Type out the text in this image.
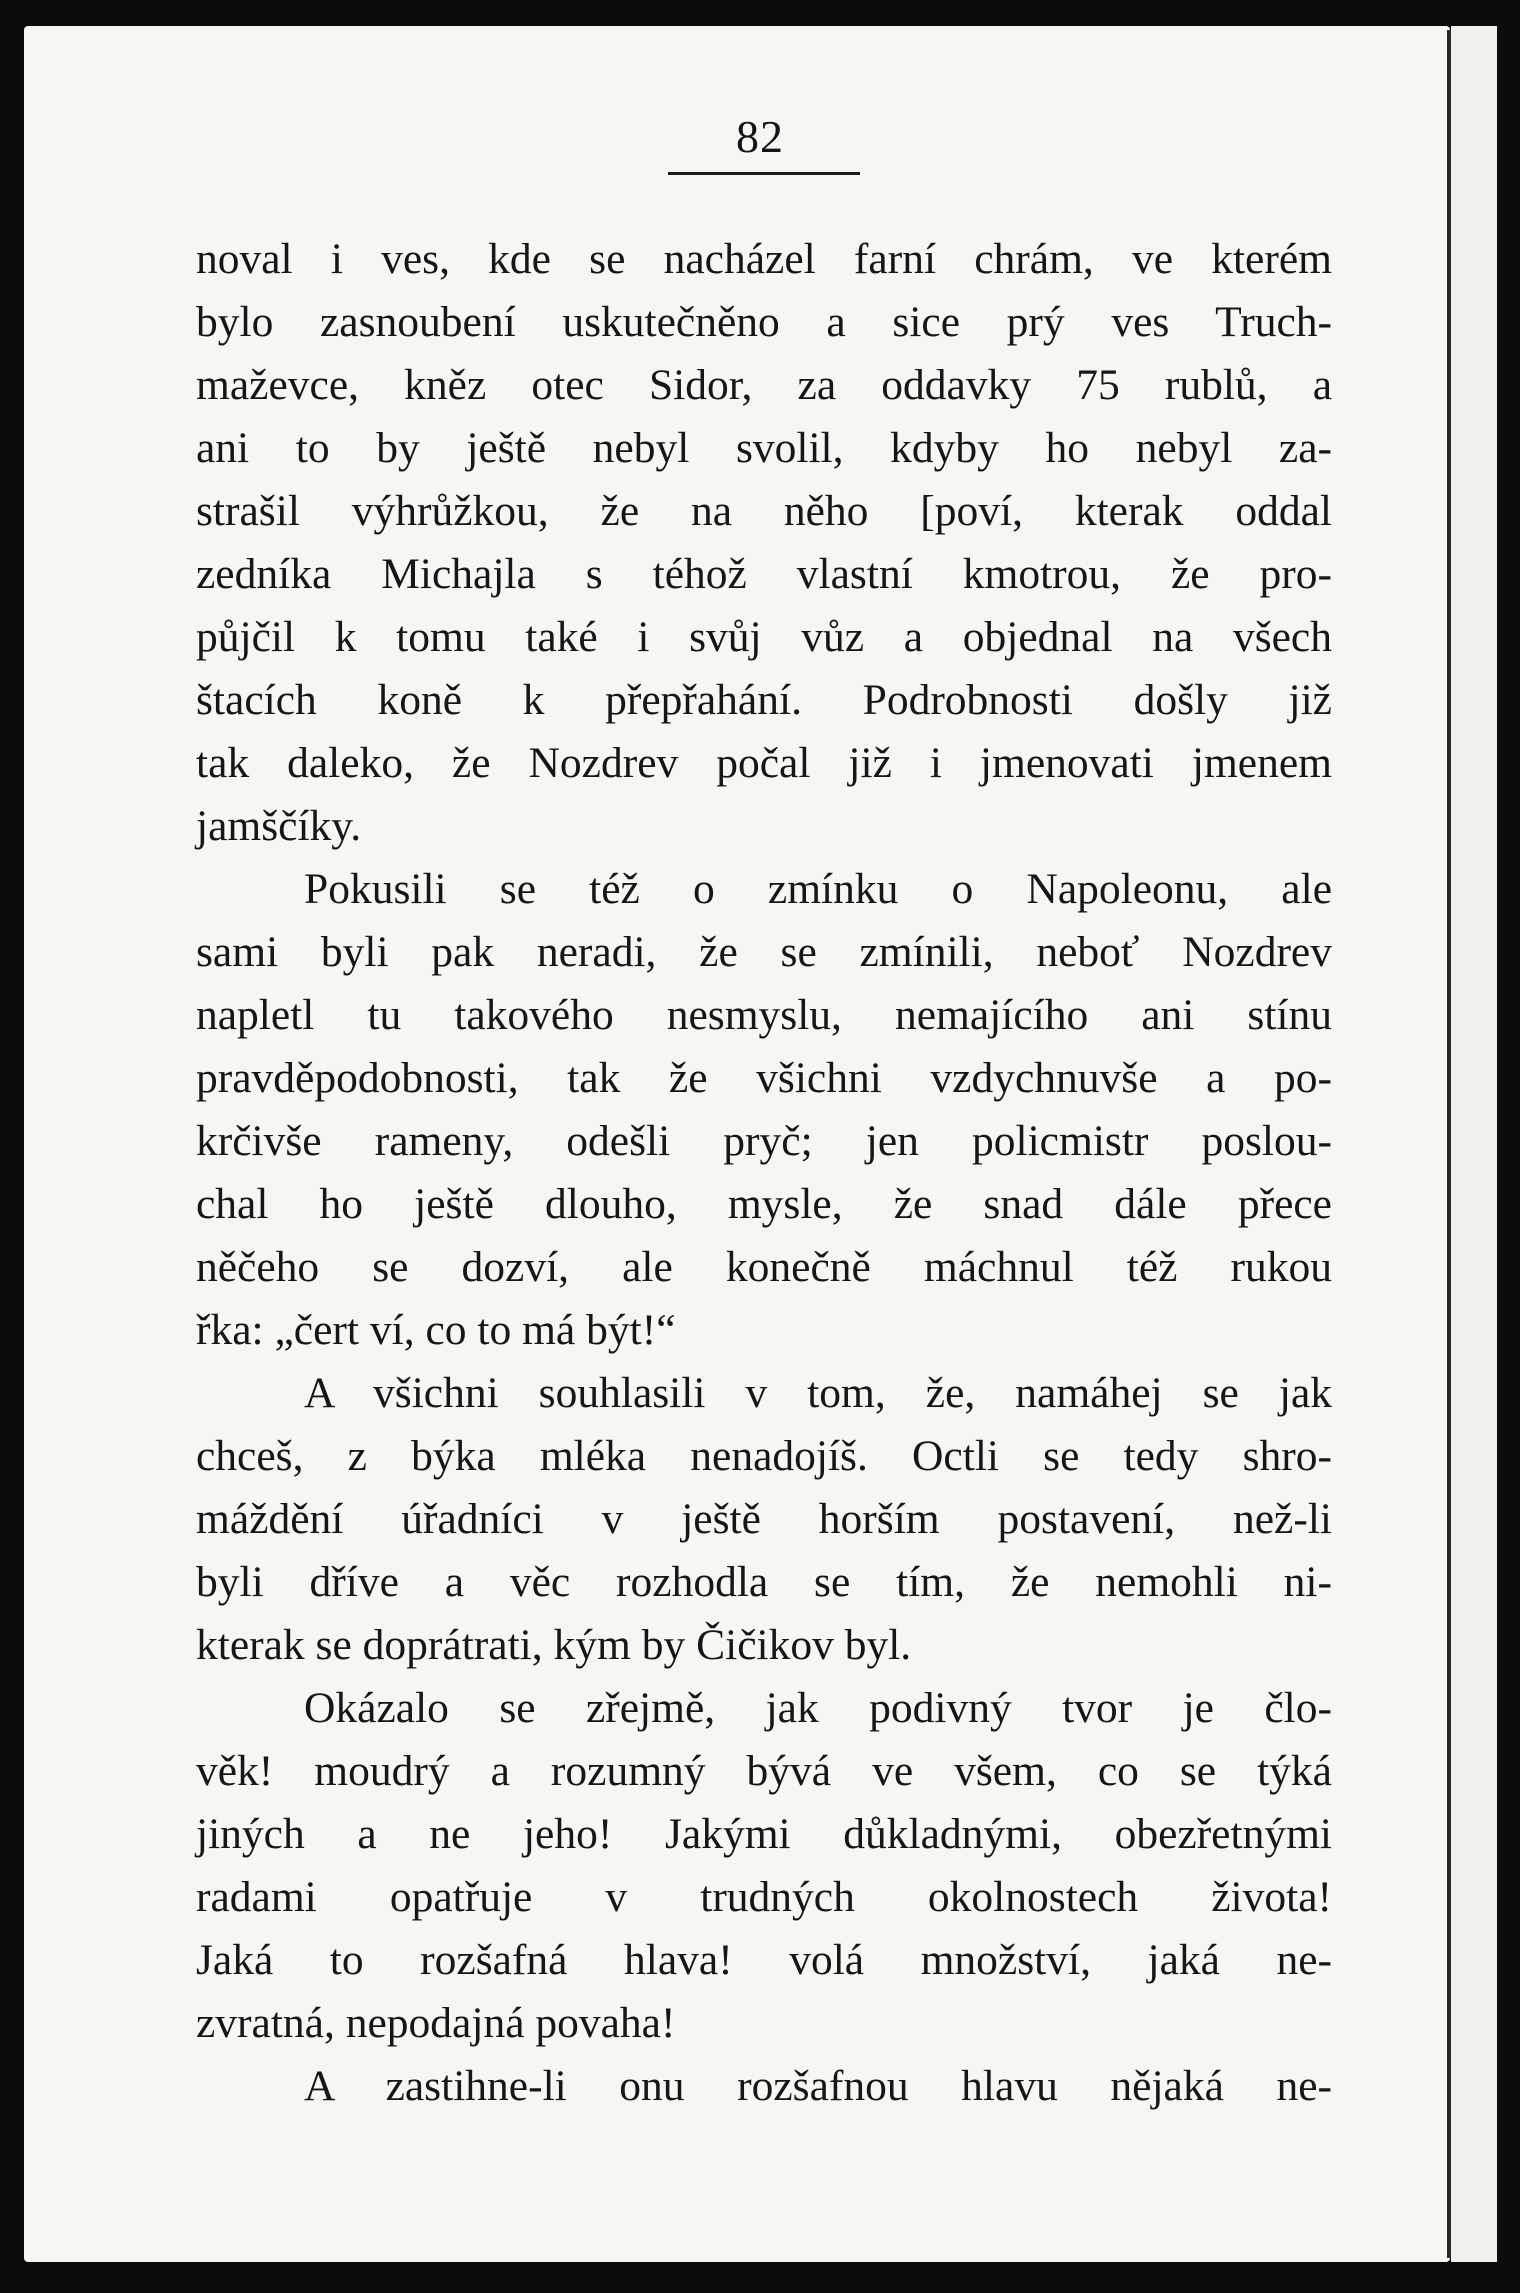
82
noval i ves, kde se nacházel farní chrám, ve kterém
bylo zasnoubení uskutečněno a sice prý ves Truch-
maževce, kněz otec Sidor, za oddavky 75 rublů, a
ani to by ještě nebyl svolil, kdyby ho nebyl za-
strašil výhrůžkou, že na něho [poví, kterak oddal
zedníka Michajla s téhož vlastní kmotrou, že pro-
půjčil k tomu také i svůj vůz a objednal na všech
štacích koně k přepřahání. Podrobnosti došly již
tak daleko, že Nozdrev počal již i jmenovati jmenem
jamščíky.
Pokusili se též o zmínku o Napoleonu, ale
sami byli pak neradi, že se zmínili, neboť Nozdrev
napletl tu takového nesmyslu, nemajícího ani stínu
pravděpodobnosti, tak že všichni vzdychnuvše a po-
krčivše rameny, odešli pryč; jen policmistr poslou-
chal ho ještě dlouho, mysle, že snad dále přece
něčeho se dozví, ale konečně máchnul též rukou
řka: „čert ví, co to má být!“
A všichni souhlasili v tom, že, namáhej se jak
chceš, z býka mléka nenadojíš. Octli se tedy shro-
máždění úřadníci v ještě horším postavení, než-li
byli dříve a věc rozhodla se tím, že nemohli ni-
kterak se doprátrati, kým by Čičikov byl.
Okázalo se zřejmě, jak podivný tvor je člo-
věk! moudrý a rozumný bývá ve všem, co se týká
jiných a ne jeho! Jakými důkladnými, obezřetnými
radami opatřuje v trudných okolnostech života!
Jaká to rozšafná hlava! volá množství, jaká ne-
zvratná, nepodajná povaha!
A zastihne-li onu rozšafnou hlavu nějaká ne-
